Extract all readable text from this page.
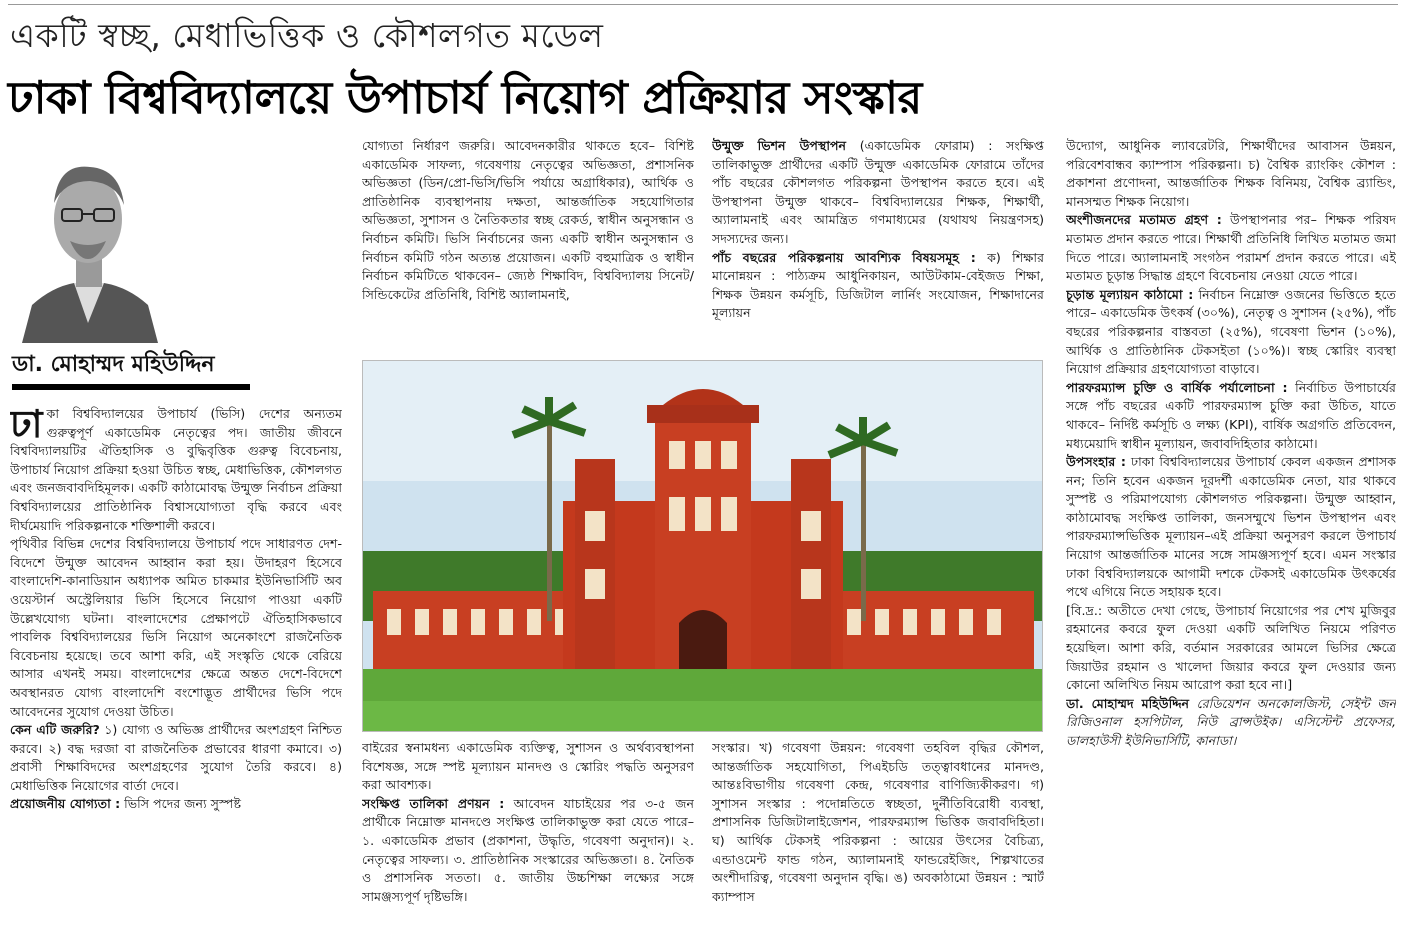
একটি স্বচ্ছ, মেধাভিত্তিক ও কৌশলগত মডেল
ঢাকা বিশ্ববিদ্যালয়ে উপাচার্য নিয়োগ প্রক্রিয়ার সংস্কার
ডা. মোহাম্মদ মহিউদ্দিন

ঢাকা বিশ্ববিদ্যালয়ের উপাচার্য (ভিসি) দেশের অন্যতম গুরুত্বপূর্ণ একাডেমিক নেতৃত্বের পদ। জাতীয় জীবনে বিশ্ববিদ্যালয়টির ঐতিহাসিক ও বুদ্ধিবৃত্তিক গুরুত্ব বিবেচনায়, উপাচার্য নিয়োগ প্রক্রিয়া হওয়া উচিত স্বচ্ছ, মেধাভিত্তিক, কৌশলগত এবং জনজবাবদিহিমূলক। একটি কাঠামোবদ্ধ উন্মুক্ত নির্বাচন প্রক্রিয়া বিশ্ববিদ্যালয়ের প্রাতিষ্ঠানিক বিশ্বাসযোগ্যতা বৃদ্ধি করবে এবং দীর্ঘমেয়াদি পরিকল্পনাকে শক্তিশালী করবে।

পৃথিবীর বিভিন্ন দেশের বিশ্ববিদ্যালয়ে উপাচার্য পদে সাধারণত দেশ-বিদেশে উন্মুক্ত আবেদন আহ্বান করা হয়। উদাহরণ হিসেবে বাংলাদেশি-কানাডিয়ান অধ্যাপক অমিত চাকমার ইউনিভার্সিটি অব ওয়েস্টার্ন অস্ট্রেলিয়ার ভিসি হিসেবে নিয়োগ পাওয়া একটি উল্লেখযোগ্য ঘটনা। বাংলাদেশের প্রেক্ষাপটে ঐতিহাসিকভাবে পাবলিক বিশ্ববিদ্যালয়ের ভিসি নিয়োগ অনেকাংশে রাজনৈতিক বিবেচনায় হয়েছে। তবে আশা করি, এই সংস্কৃতি থেকে বেরিয়ে আসার এখনই সময়। বাংলাদেশের ক্ষেত্রে অন্তত দেশে-বিদেশে অবস্থানরত যোগ্য বাংলাদেশি বংশোদ্ভূত প্রার্থীদের ভিসি পদে আবেদনের সুযোগ দেওয়া উচিত।

কেন এটি জরুরি? ১) যোগ্য ও অভিজ্ঞ প্রার্থীদের অংশগ্রহণ নিশ্চিত করবে। ২) বদ্ধ দরজা বা রাজনৈতিক প্রভাবের ধারণা কমাবে। ৩) প্রবাসী শিক্ষাবিদদের অংশগ্রহণের সুযোগ তৈরি করবে। ৪) মেধাভিত্তিক নিয়োগের বার্তা দেবে।

প্রয়োজনীয় যোগ্যতা : ভিসি পদের জন্য সুস্পষ্ট

যোগ্যতা নির্ধারণ জরুরি। আবেদনকারীর থাকতে হবে– বিশিষ্ট একাডেমিক সাফল্য, গবেষণায় নেতৃত্বের অভিজ্ঞতা, প্রশাসনিক অভিজ্ঞতা (ডিন/প্রো-ভিসি/ভিসি পর্যায়ে অগ্রাধিকার), আর্থিক ও প্রাতিষ্ঠানিক ব্যবস্থাপনায় দক্ষতা, আন্তর্জাতিক সহযোগিতার অভিজ্ঞতা, সুশাসন ও নৈতিকতার স্বচ্ছ রেকর্ড, স্বাধীন অনুসন্ধান ও নির্বাচন কমিটি। ভিসি নির্বাচনের জন্য একটি স্বাধীন অনুসন্ধান ও নির্বাচন কমিটি গঠন অত্যন্ত প্রয়োজন। একটি বহুমাত্রিক ও স্বাধীন নির্বাচন কমিটিতে থাকবেন– জ্যেষ্ঠ শিক্ষাবিদ, বিশ্ববিদ্যালয় সিনেট/সিন্ডিকেটের প্রতিনিধি, বিশিষ্ট অ্যালামনাই,

উন্মুক্ত ভিশন উপস্থাপন (একাডেমিক ফোরাম) : সংক্ষিপ্ত তালিকাভুক্ত প্রার্থীদের একটি উন্মুক্ত একাডেমিক ফোরামে তাঁদের পাঁচ বছরের কৌশলগত পরিকল্পনা উপস্থাপন করতে হবে। এই উপস্থাপনা উন্মুক্ত থাকবে– বিশ্ববিদ্যালয়ের শিক্ষক, শিক্ষার্থী, অ্যালামনাই এবং আমন্ত্রিত গণমাধ্যমের (যথাযথ নিয়ন্ত্রণসহ) সদস্যদের জন্য।

পাঁচ বছরের পরিকল্পনায় আবশ্যিক বিষয়সমূহ : ক) শিক্ষার মানোন্নয়ন : পাঠ্যক্রম আধুনিকায়ন, আউটকাম-বেইজড শিক্ষা, শিক্ষক উন্নয়ন কর্মসূচি, ডিজিটাল লার্নিং সংযোজন, শিক্ষাদানের মূল্যায়ন

বাইরের স্বনামধন্য একাডেমিক ব্যক্তিত্ব, সুশাসন ও অর্থব্যবস্থাপনা বিশেষজ্ঞ, সঙ্গে স্পষ্ট মূল্যায়ন মানদণ্ড ও স্কোরিং পদ্ধতি অনুসরণ করা আবশ্যক।

সংক্ষিপ্ত তালিকা প্রণয়ন : আবেদন যাচাইয়ের পর ৩-৫ জন প্রার্থীকে নিম্নোক্ত মানদণ্ডে সংক্ষিপ্ত তালিকাভুক্ত করা যেতে পারে– ১. একাডেমিক প্রভাব (প্রকাশনা, উদ্ধৃতি, গবেষণা অনুদান)। ২. নেতৃত্বের সাফল্য। ৩. প্রাতিষ্ঠানিক সংস্কারের অভিজ্ঞতা। ৪. নৈতিক ও প্রশাসনিক সততা। ৫. জাতীয় উচ্চশিক্ষা লক্ষ্যের সঙ্গে সামঞ্জস্যপূর্ণ দৃষ্টিভঙ্গি।

সংস্কার। খ) গবেষণা উন্নয়ন: গবেষণা তহবিল বৃদ্ধির কৌশল, আন্তর্জাতিক সহযোগিতা, পিএইচডি তত্ত্বাবধানের মানদণ্ড, আন্তঃবিভাগীয় গবেষণা কেন্দ্র, গবেষণার বাণিজ্যিকীকরণ। গ) সুশাসন সংস্কার : পদোন্নতিতে স্বচ্ছতা, দুর্নীতিবিরোধী ব্যবস্থা, প্রশাসনিক ডিজিটালাইজেশন, পারফরম্যান্স ভিত্তিক জবাবদিহিতা। ঘ) আর্থিক টেকসই পরিকল্পনা : আয়ের উৎসের বৈচিত্র্য, এন্ডাওমেন্ট ফান্ড গঠন, অ্যালামনাই ফান্ডরেইজিং, শিল্পখাতের অংশীদারিত্ব, গবেষণা অনুদান বৃদ্ধি। ঙ) অবকাঠামো উন্নয়ন : স্মার্ট ক্যাম্পাস

উদ্যোগ, আধুনিক ল্যাবরেটরি, শিক্ষার্থীদের আবাসন উন্নয়ন, পরিবেশবান্ধব ক্যাম্পাস পরিকল্পনা। চ) বৈশ্বিক র‍্যাংকিং কৌশল : প্রকাশনা প্রণোদনা, আন্তর্জাতিক শিক্ষক বিনিময়, বৈশ্বিক ব্র্যান্ডিং, মানসম্মত শিক্ষক নিয়োগ।

অংশীজনদের মতামত গ্রহণ : উপস্থাপনার পর– শিক্ষক পরিষদ মতামত প্রদান করতে পারে। শিক্ষার্থী প্রতিনিধি লিখিত মতামত জমা দিতে পারে। অ্যালামনাই সংগঠন পরামর্শ প্রদান করতে পারে। এই মতামত চূড়ান্ত সিদ্ধান্ত গ্রহণে বিবেচনায় নেওয়া যেতে পারে।

চূড়ান্ত মূল্যায়ন কাঠামো : নির্বাচন নিম্নোক্ত ওজনের ভিত্তিতে হতে পারে– একাডেমিক উৎকর্ষ (৩০%), নেতৃত্ব ও সুশাসন (২৫%), পাঁচ বছরের পরিকল্পনার বাস্তবতা (২৫%), গবেষণা ভিশন (১০%), আর্থিক ও প্রাতিষ্ঠানিক টেকসইতা (১০%)। স্বচ্ছ স্কোরিং ব্যবস্থা নিয়োগ প্রক্রিয়ার গ্রহণযোগ্যতা বাড়াবে।

পারফরম্যান্স চুক্তি ও বার্ষিক পর্যালোচনা : নির্বাচিত উপাচার্যের সঙ্গে পাঁচ বছরের একটি পারফরম্যান্স চুক্তি করা উচিত, যাতে থাকবে– নির্দিষ্ট কর্মসূচি ও লক্ষ্য (KPI), বার্ষিক অগ্রগতি প্রতিবেদন, মধ্যমেয়াদি স্বাধীন মূল্যায়ন, জবাবদিহিতার কাঠামো।

উপসংহার : ঢাকা বিশ্ববিদ্যালয়ের উপাচার্য কেবল একজন প্রশাসক নন; তিনি হবেন একজন দূরদর্শী একাডেমিক নেতা, যার থাকবে সুস্পষ্ট ও পরিমাপযোগ্য কৌশলগত পরিকল্পনা। উন্মুক্ত আহ্বান, কাঠামোবদ্ধ সংক্ষিপ্ত তালিকা, জনসম্মুখে ভিশন উপস্থাপন এবং পারফরম্যান্সভিত্তিক মূল্যায়ন–এই প্রক্রিয়া অনুসরণ করলে উপাচার্য নিয়োগ আন্তর্জাতিক মানের সঙ্গে সামঞ্জস্যপূর্ণ হবে। এমন সংস্কার ঢাকা বিশ্ববিদ্যালয়কে আগামী দশকে টেকসই একাডেমিক উৎকর্ষের পথে এগিয়ে নিতে সহায়ক হবে।

[বি.দ্র.: অতীতে দেখা গেছে, উপাচার্য নিয়োগের পর শেখ মুজিবুর রহমানের কবরে ফুল দেওয়া একটি অলিখিত নিয়মে পরিণত হয়েছিল। আশা করি, বর্তমান সরকারের আমলে ভিসির ক্ষেত্রে জিয়াউর রহমান ও খালেদা জিয়ার কবরে ফুল দেওয়ার জন্য কোনো অলিখিত নিয়ম আরোপ করা হবে না।]

ডা. মোহাম্মদ মহিউদ্দিন রেডিয়েশন অনকোলজিস্ট, সেইন্ট জন রিজিওনাল হসপিটাল, নিউ ব্রান্সউইক। এসিস্টেন্ট প্রফেসর, ডালহাউসী ইউনিভার্সিটি, কানাডা।
